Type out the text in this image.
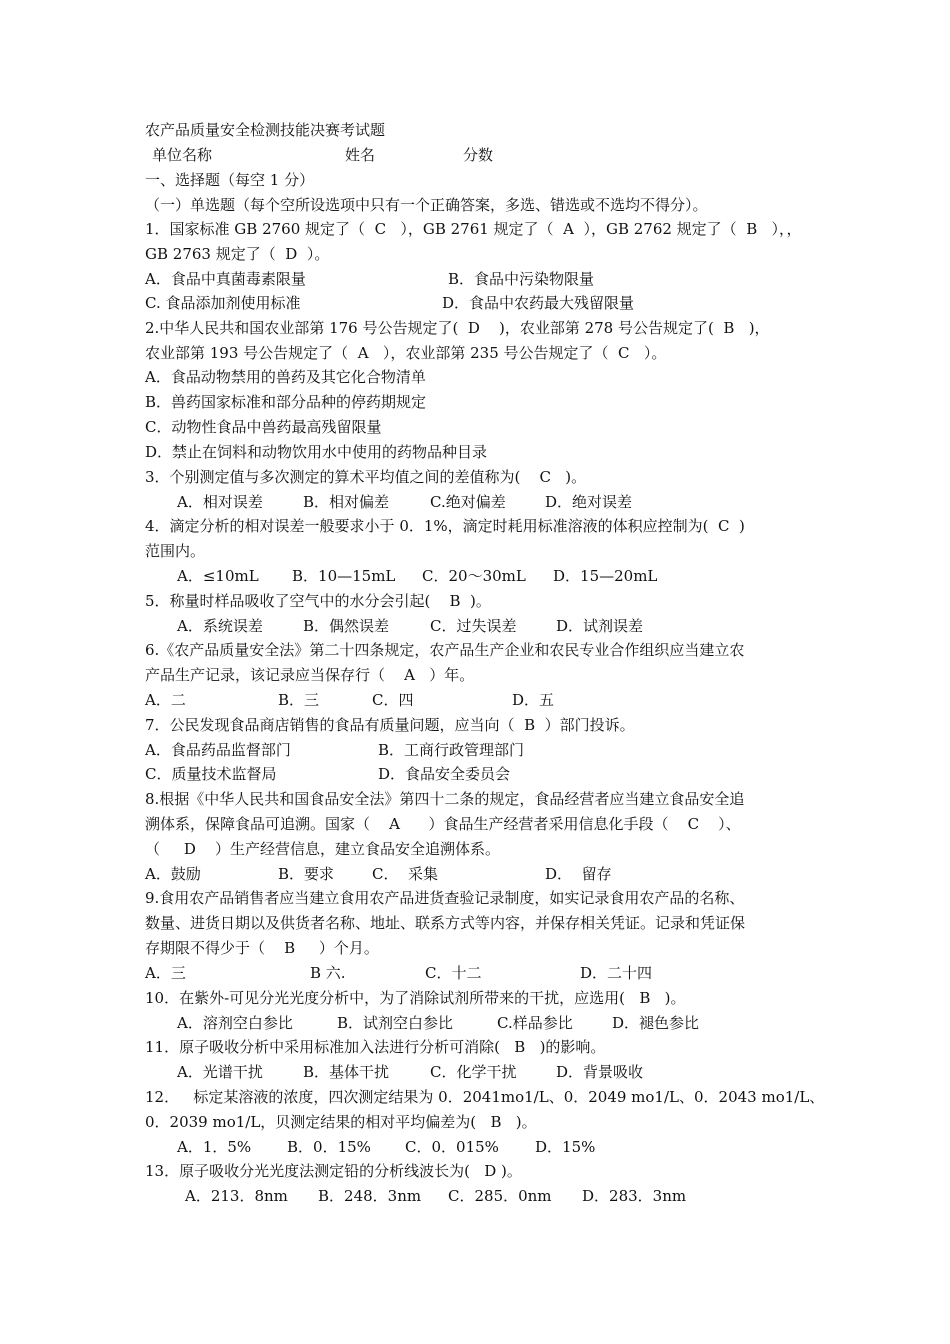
农产品质量安全检测技能决赛考试题
单位名称	姓名	分数
一、选择题（每空 1 分）
（一）单选题（每个空所设选项中只有一个正确答案，多选、错选或不选均不得分）。
1．国家标准 GB 2760 规定了（  C   ），GB 2761 规定了（  A  ），GB 2762 规定了（  B   ），，
GB 2763 规定了（  D  ）。
A．食品中真菌毒素限量	B．食品中污染物限量
C. 食品添加剂使用标准	D．食品中农药最大残留限量
2.中华人民共和国农业部第 176 号公告规定了(  D    )，农业部第 278 号公告规定了(  B   )，
农业部第 193 号公告规定了（  A   ），农业部第 235 号公告规定了（  C   ）。
A．食品动物禁用的兽药及其它化合物清单
B．兽药国家标准和部分品种的停药期规定
C．动物性食品中兽药最高残留限量
D．禁止在饲料和动物饮用水中使用的药物品种目录
3．个别测定值与多次测定的算术平均值之间的差值称为(    C   )。
A．相对误差	B．相对偏差	C.绝对偏差	D．绝对误差
4．滴定分析的相对误差一般要求小于 0．1%，滴定时耗用标准溶液的体积应控制为(  C  )
范围内。
A．≤10mL B．10—15mL C．20～30mL D．15—20mL
5．称量时样品吸收了空气中的水分会引起(    B  )。
A．系统误差	B．偶然误差	C．过失误差	D．试剂误差
6.《农产品质量安全法》第二十四条规定，农产品生产企业和农民专业合作组织应当建立农
产品生产记录，该记录应当保存行（    A   ）年。
A．二	B．三	C．四	D．五
7．公民发现食品商店销售的食品有质量问题，应当向（  B  ）部门投诉。
A．食品药品监督部门	B．工商行政管理部门
C．质量技术监督局	D．食品安全委员会
8.根据《中华人民共和国食品安全法》第四十二条的规定，食品经营者应当建立食品安全追
溯体系，保障食品可追溯。国家（    A      ）食品生产经营者采用信息化手段（    C    ）、
（     D    ）生产经营信息，建立食品安全追溯体系。
A．鼓励	B．要求	C．  采集	D．  留存
9.食用农产品销售者应当建立食用农产品进货查验记录制度，如实记录食用农产品的名称、
数量、进货日期以及供货者名称、地址、联系方式等内容，并保存相关凭证。记录和凭证保
存期限不得少于（    B     ）个月。
A．三	B 六.	C．十二	D．二十四
10．在紫外-可见分光光度分析中，为了消除试剂所带来的干扰，应选用(   B   )。
A．溶剂空白参比	B．试剂空白参比	C.样品参比	D．褪色参比
11．原子吸收分析中采用标准加入法进行分析可消除(   B   )的影响。
A．光谱干扰	B．基体干扰	C．化学干扰	D．背景吸收
12．   标定某溶液的浓度，四次测定结果为 0．2041mo1/L、0．2049 mo1/L、0．2043 mo1/L、
0．2039 mo1/L，贝测定结果的相对平均偏差为(   B   )。
A．1．5% B．0．15% C．0．015% D．15%
13．原子吸收分光光度法测定铅的分析线波长为(   D )。
A．213．8nm B．248．3nm C．285．0nm D．283．3nm
